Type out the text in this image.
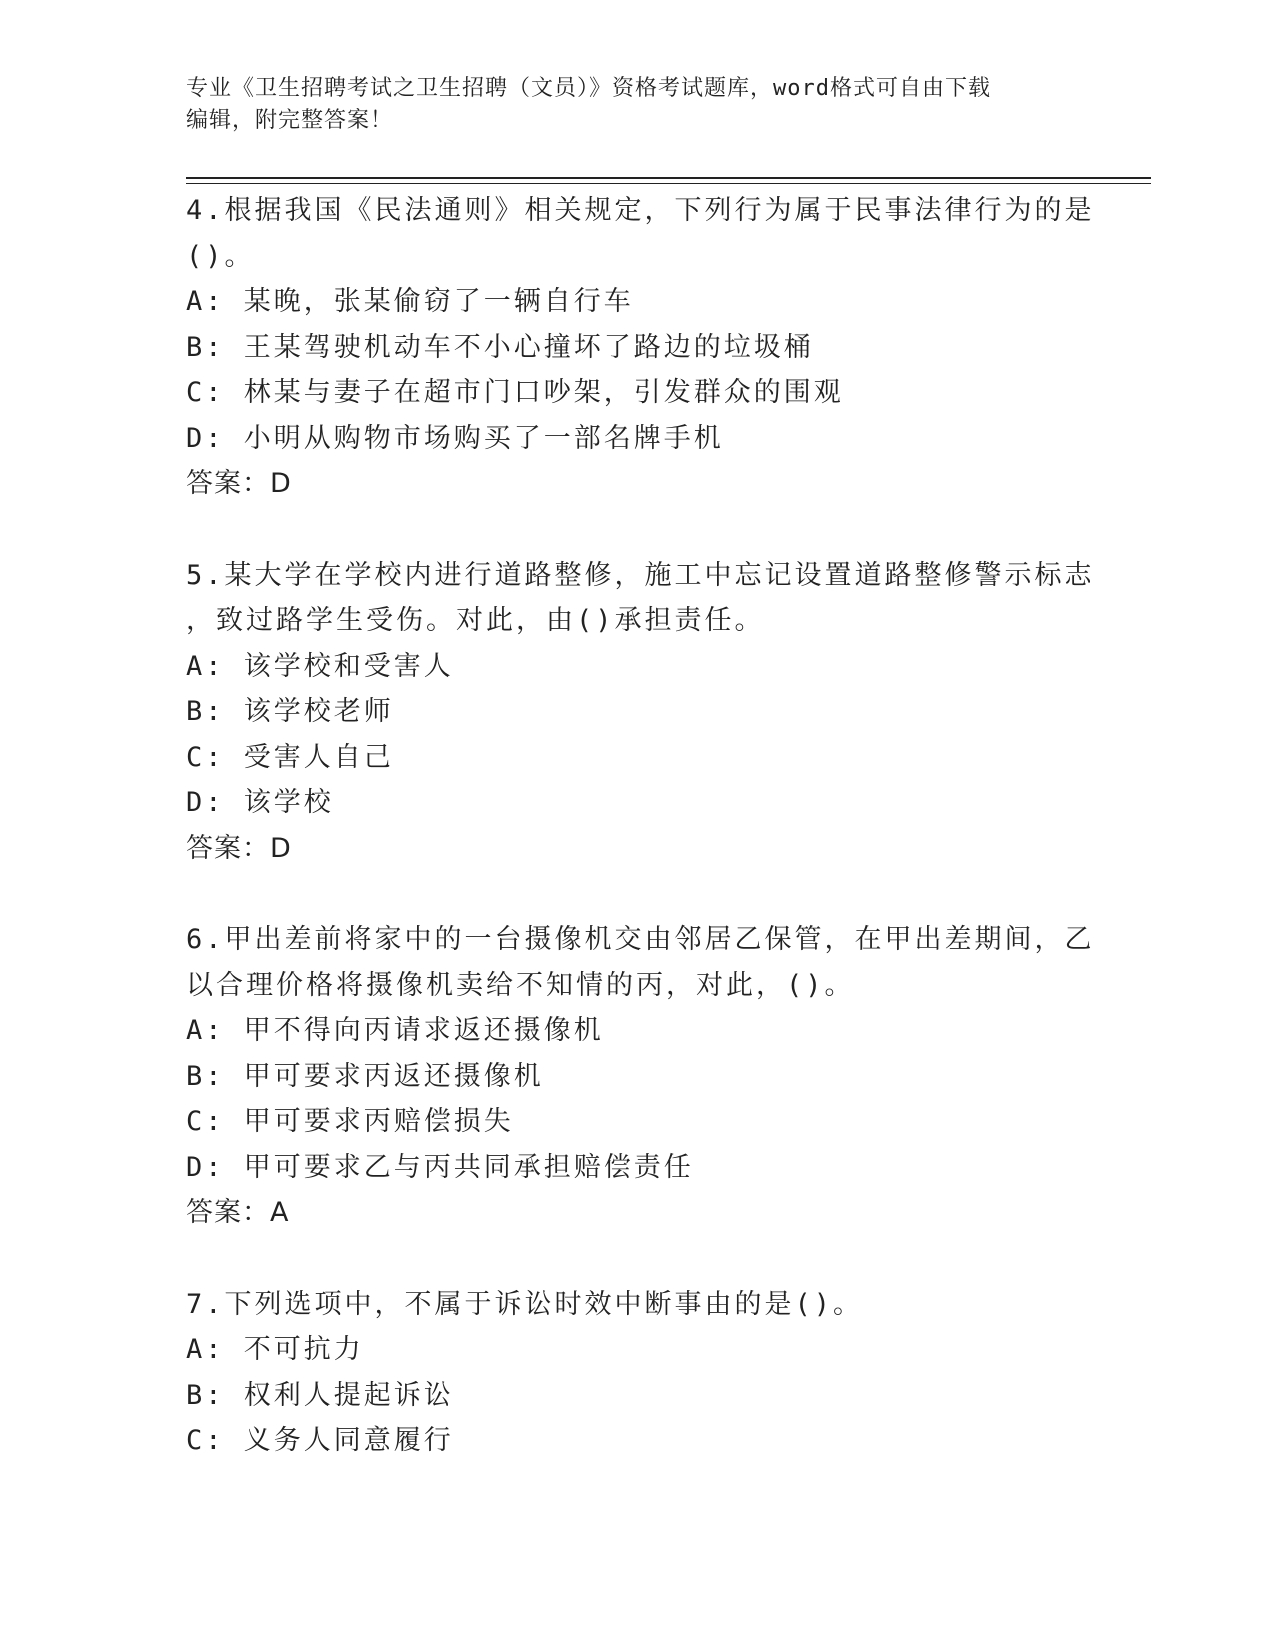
专业《卫生招聘考试之卫生招聘（文员）》资格考试题库，word格式可自由下载
编辑，附完整答案！
4.根据我国《民法通则》相关规定，下列行为属于民事法律行为的是
()。
A: 某晚，张某偷窃了一辆自行车
B: 王某驾驶机动车不小心撞坏了路边的垃圾桶
C: 林某与妻子在超市门口吵架，引发群众的围观
D: 小明从购物市场购买了一部名牌手机
答案：D
5.某大学在学校内进行道路整修，施工中忘记设置道路整修警示标志
，致过路学生受伤。对此，由()承担责任。
A: 该学校和受害人
B: 该学校老师
C: 受害人自己
D: 该学校
答案：D
6.甲出差前将家中的一台摄像机交由邻居乙保管，在甲出差期间，乙
以合理价格将摄像机卖给不知情的丙，对此，()。
A: 甲不得向丙请求返还摄像机
B: 甲可要求丙返还摄像机
C: 甲可要求丙赔偿损失
D: 甲可要求乙与丙共同承担赔偿责任
答案：A
7.下列选项中，不属于诉讼时效中断事由的是()。
A: 不可抗力
B: 权利人提起诉讼
C: 义务人同意履行
